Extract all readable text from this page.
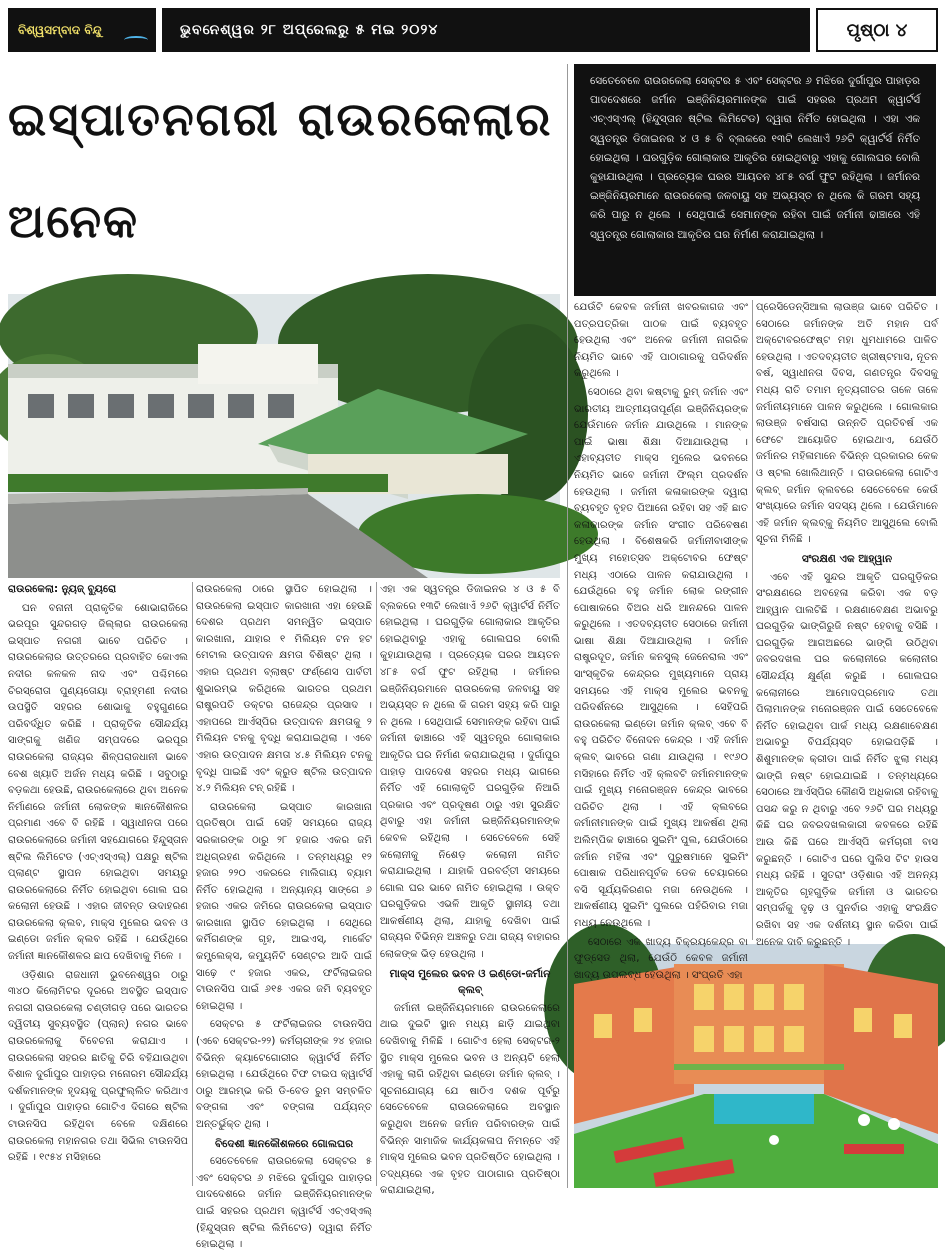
ବିଶ୍ୱସମ୍ବାଦ ବିନ୍ଦୁ	ଭୁବନେଶ୍ୱର ୨୮ ଅପ୍ରେଲରୁ ୫ ମଇ ୨୦୨୪	ପୃଷ୍ଠା ୪
ଇସ୍ପାତନଗରୀ ରାଉରକେଲାର ଅନେକ
ସେତେବେଳେ ରାଉରକେଲା ସେକ୍ଟର ୫ ଏବଂ ସେକ୍ଟର ୬ ମଝିରେ ଦୁର୍ଗାପୁର ପାହାଡ଼ର ପାଦଦେଶରେ ଜର୍ମାନ ଇଞ୍ଜିନିୟରମାନଙ୍କ ପାଇଁ ସହରର ପ୍ରଥମ କ୍ୱାର୍ଟର୍ସ ଏଚ୍ଏସ୍ଏଲ୍ (ହିନ୍ଦୁସ୍ତାନ ଷ୍ଟିଲ ଲିମିଟେଡ) ଦ୍ୱାରା ନିର୍ମିତ ହୋଇଥିଲା । ଏହା ଏକ ସ୍ୱତନ୍ତ୍ର ଡିଜାଇନର ୪ ଓ ୫ ବି ବ୍ଲକରେ ୧୩ଟି ଲେଖାଏଁ ୨୬ଟି କ୍ୱାର୍ଟର୍ସ ନିର୍ମିତ ହୋଇଥିଲା । ଘରଗୁଡ଼ିକ ଗୋଲାକାର ଆକୃତିର ହୋଇଥିବାରୁ ଏହାକୁ ଗୋଲଘର ବୋଲି କୁହାଯାଉଥିଲା । ପ୍ରତ୍ୟେକ ଘରର ଆୟତନ ୪୮୫ ବର୍ଗ ଫୁଟ ରହିଥିଲା । ଜର୍ମାନର ଇଞ୍ଜିନିୟରମାନେ ରାଉରକେଲା ଜଳବାୟୁ ସହ ଅଭ୍ୟସ୍ତ ନ ଥିଲେ କି ଗରମ ସହ୍ୟ କରି ପାରୁ ନ ଥିଲେ । ସେଥିପାଇଁ ସେମାନଙ୍କ ରହିବା ପାଇଁ ଜର୍ମାନୀ ଢାଞ୍ଚାରେ ଏହି ସ୍ୱତନ୍ତ୍ର ଗୋଲାକାର ଆକୃତିର ଘର ନିର୍ମାଣ କରାଯାଇଥିଲା ।

ରାଉରକେଲା: ନ୍ୟୁଜ୍ ବ୍ୟୁରୋ

ଘନ ବନାନୀ ପ୍ରାକୃତିକ ଶୋଭାରାଜିରେ ଭରପୂର ସୁନ୍ଦରଗଡ଼ ଜିଲ୍ଲାର ରାଉରକେଲା ଇସ୍ପାତ ନଗରୀ ଭାବେ ପରିଚିତ । ରାଉରକେଲାର ଉତ୍ତରରେ ପ୍ରବାହିତ କୋଏଲ ନଦୀର କଳକଳ ନାଦ ଏବଂ ପଶ୍ଚିମରେ ଚିରସ୍ରୋତା ପୁଣ୍ୟତୋୟା ବ୍ରାହ୍ମଣୀ ନଦୀର ଉପସ୍ଥିତି ସହରର ଶୋଭାକୁ ବହୁଗୁଣରେ ପରିବର୍ଦ୍ଧିତ କରିଛି । ପ୍ରାକୃତିକ ସୌନ୍ଦର୍ଯ୍ୟ ସାଙ୍ଗକୁ ଖଣିଜ ସମ୍ପଦରେ ଭରପୂର ରାଉରକେଲା ରାଜ୍ୟର ଶିଳ୍ପରାଜଧାନୀ ଭାବେ ବେଶ ଖ୍ୟାତି ଅର୍ଜନ ମଧ୍ୟ କରିଛି । ସବୁଠାରୁ ବଡ଼କଥା ହେଉଛି, ରାଉରକେଲାରେ ଥିବା ଅନେକ ନିର୍ମାଣରେ ଜର୍ମାନୀ ଲୋକଙ୍କ ଜ୍ଞାନକୌଶଳର ପ୍ରମାଣ ଏବେ ବି ରହିଛି । ସ୍ୱାଧୀନତା ପରେ ରାଉରକେଲାରେ ଜର୍ମାନୀ ସହଯୋଗରେ ହିନ୍ଦୁସ୍ତାନ ଷ୍ଟିଲ ଲିମିଟେଡ (ଏଚ୍ଏସ୍ଏଲ୍) ପକ୍ଷରୁ ଷ୍ଟିଲ ପ୍ଲାଣ୍ଟ ସ୍ଥାପନ ହୋଇଥିବା ସମୟରୁ ରାଉରକେଲାରେ ନିର୍ମିତ ହୋଇଥିବା ଗୋଲ ଘର କଲୋନୀ ହେଉଛି । ଏହାର ଜୀବନ୍ତ ଉଦାହରଣ ରାଉରକେଲା କ୍ଲବ, ମାକ୍ସ ମୁଲେର ଭବନ ଓ ଇଣ୍ଡୋ ଜର୍ମାନ କ୍ଲବ ରହିଛି । ଯେଉଁଥିରେ ଜର୍ମାନୀ ଜ୍ଞାନକୌଶଳର ଛାପ ଦେଖିବାକୁ ମିଳେ ।

ଓଡ଼ିଶାର ରାଜଧାନୀ ଭୁବନେଶ୍ୱର ଠାରୁ ୩୪୦ କିଲୋମିଟର ଦୂରରେ ଅବସ୍ଥିତ ଇସ୍ପାତ ନଗରୀ ରାଉରକେଲା ଚଣ୍ଡୀଗଡ଼ ପରେ ଭାରତର ଦ୍ୱିତୀୟ ସୁବ୍ୟବସ୍ଥିତ (ପ୍ଲାନ୍) ନଗର ଭାବେ ରାଉରକେଲାକୁ ବିବେଚନା କରାଯାଏ । ରାଉରକେଲା ସହରର ଛାତିକୁ ଚିରି ବହିଯାଉଥିବା ବିଶାଳ ଦୁର୍ଗାପୁର ପାହାଡ଼ର ମନୋରମ ସୌନ୍ଦର୍ଯ୍ୟ ଦର୍ଶକମାନଙ୍କ ହୃଦୟକୁ ପ୍ରଫୁଲ୍ଲିତ କରିଥାଏ । ଦୁର୍ଗାପୁର ପାହାଡ଼ର ଗୋଟିଏ ଦିଗରେ ଷ୍ଟିଲ ଟାଉନସିପ ରହିଥିବା ବେଳେ ଦକ୍ଷିଣରେ ରାଉରକେଲା ମହାନଗର ତଥା ସିଭିଲ ଟାଉନସିପ ରହିଛି । ୧୯୫୪ ମସିହାରେ

ରାଉରକେଲା ଠାରେ ସ୍ଥାପିତ ହୋଇଥିଲା । ରାଉରକେଲା ଇସ୍ପାତ କାରଖାନା ଏହା ହେଉଛି ଦେଶର ପ୍ରଥମ ସମନ୍ୱିତ ଇସ୍ପାତ କାରଖାନା, ଯାହାର ୧ ମିଲିୟନ ଟନ ହଟ ମେଟାଲ ଉତ୍ପାଦନ କ୍ଷମତା ବିଶିଷ୍ଟ ଥିଲା । ଏହାର ପ୍ରଥମ ବ୍ଲାଷ୍ଟ ଫର୍ଣ୍ଣେସ ପାର୍ବତୀ ଶୁଭାରମ୍ଭ କରିଥିଲେ ଭାରତର ପ୍ରଥମ ରାଷ୍ଟ୍ରପତି ଡକ୍ଟର ରାଜେନ୍ଦ୍ର ପ୍ରସାଦ । ଏହାପରେ ଆର୍ଏସ୍ପିର ଉତ୍ପାଦନ କ୍ଷମତାକୁ ୨ ମିଲିୟନ ଟନକୁ ବୃଦ୍ଧି କରାଯାଇଥିଲା । ଏବେ ଏହାର ଉତ୍ପାଦନ କ୍ଷମତା ୪.୫ ମିଲିୟନ ଟନକୁ ବୃଦ୍ଧି ପାଇଛି ଏବଂ କ୍ରୁଡ ଷ୍ଟିଲ ଉତ୍ପାଦନ ୪.୨ ମିଲିୟନ ଟନ୍ ରହିଛି ।

ରାଉରକେଲା ଇସ୍ପାତ କାରଖାନା ପ୍ରତିଷ୍ଠା ପାଇଁ ସେହି ସମୟରେ ରାଜ୍ୟ ସରକାରଙ୍କ ଠାରୁ ୨୮ ହଜାର ଏକର ଜମି ଅଧିଗ୍ରହଣ କରିଥିଲେ । ତନ୍ମଧ୍ୟରୁ ୧୨ ହଜାର ୨୨୦ ଏକରରେ ମାଲିଗାୟ ବ୍ୟାମ ନିର୍ମିତ ହୋଇଥିଲା । ଅନ୍ୟାନ୍ୟ ସାଙ୍ଗେ ୬ ହଜାର ଏକର ଜମିରେ ରାଉରକେଲା ଇସ୍ପାତ କାରଖାନା ସ୍ଥାପିତ ହୋଇଥିଲା । ସେଥିରେ କର୍ମିଗଣଙ୍କ ଗୃହ, ଆଇଏସ୍, ମାର୍କେଟ କମ୍ପ୍ଲେକ୍ସ, କମ୍ୟୁନିଟି ସେଣ୍ଟର ଆଦି ପାଇଁ ସାଢ଼େ ୯ ହଜାର ଏକର, ଫର୍ଟିଲାଇଜର ଟାଉନସିପ ପାଇଁ ୬୧୫ ଏକର ଜମି ବ୍ୟବହୃତ ହୋଇଥିଲା ।

ସେକ୍ଟର ୫ ଫର୍ଟିଲାଇଜର ଟାଉନସିପ (ଏବେ ସେକ୍ଟର-୨୨) କର୍ମଚାରୀଙ୍କ ୨୪ ହଜାର ବିଭିନ୍ନ କ୍ୟାଟେଗୋରୀର କ୍ୱାର୍ଟର୍ସ ନିର୍ମିତ ହୋଇଥିଲା । ଯେଉଁଥିରେ ଟିଫ ଟାଇପ କ୍ୱାର୍ଟର୍ସ ଠାରୁ ଆରମ୍ଭ କରି ଡି-ବେଡ ରୁମ ସମ୍ବଳିତ ବଙ୍ଗଳା ଏବଂ ବଙ୍ଗଳା ପର୍ଯ୍ୟନ୍ତ ଅନ୍ତର୍ଭୁକ୍ତ ଥିଲା ।

ବିଦେଶୀ ଜ୍ଞାନକୌଶଳରେ ଗୋଲଘର

ସେତେବେଳେ ରାଉରକେଲା ସେକ୍ଟର ୫ ଏବଂ ସେକ୍ଟର ୬ ମଝିରେ ଦୁର୍ଗାପୁର ପାହାଡ଼ର ପାଦଦେଶରେ ଜର୍ମାନ ଇଞ୍ଜିନିୟରମାନଙ୍କ ପାଇଁ ସହରର ପ୍ରଥମ କ୍ୱାର୍ଟର୍ସ ଏଚ୍ଏସ୍ଏଲ୍ (ହିନ୍ଦୁସ୍ତାନ ଷ୍ଟିଲ ଲିମିଟେଡ) ଦ୍ୱାରା ନିର୍ମିତ ହୋଇଥିଲା ।

ଏହା ଏକ ସ୍ୱତନ୍ତ୍ର ଡିଜାଇନର ୪ ଓ ୫ ବି ବ୍ଲକରେ ୧୩ଟି ଲେଖାଏଁ ୨୬ଟି କ୍ୱାର୍ଟର୍ସ ନିର୍ମିତ ହୋଇଥିଲା । ଘରଗୁଡ଼ିକ ଗୋଲାକାର ଆକୃତିର ହୋଇଥିବାରୁ ଏହାକୁ ଗୋଲଘର ବୋଲି କୁହାଯାଉଥିଲା । ପ୍ରତ୍ୟେକ ଘରର ଆୟତନ ୪୮୫ ବର୍ଗ ଫୁଟ ରହିଥିଲା । ଜର୍ମାନର ଇଞ୍ଜିନିୟରମାନେ ରାଉରକେଲା ଜଳବାୟୁ ସହ ଅଭ୍ୟସ୍ତ ନ ଥିଲେ କି ଗରମ ସହ୍ୟ କରି ପାରୁ ନ ଥିଲେ । ସେଥିପାଇଁ ସେମାନଙ୍କ ରହିବା ପାଇଁ ଜର୍ମାନୀ ଢାଞ୍ଚାରେ ଏହି ସ୍ୱତନ୍ତ୍ର ଗୋଲାକାର ଆକୃତିର ଘର ନିର୍ମାଣ କରାଯାଇଥିଲା । ଦୁର୍ଗାପୁର ପାହାଡ଼ ପାଦଦେଶ ସହରର ମଧ୍ୟ ଭାଗରେ ନିର୍ମିତ ଏହି ଗୋଲାକୃତି ଘରଗୁଡ଼ିକ ନିଆରି ପ୍ରକାର ଏବଂ ପ୍ରଦୂଷଣ ଠାରୁ ଏହା ସୁରକ୍ଷିତ ଥିବାରୁ ଏହା ଜର୍ମାନୀ ଇଞ୍ଜିନିୟରମାନଙ୍କ କେବଳ ରହିଥିଲା । ସେତେବେଳେ ସେହି କଲୋନୀକୁ ନିଶେଡ଼ କଲୋନୀ ନାମିତ କରାଯାଇଥିଲା । ଯାହାକି ପରବର୍ତ୍ତୀ ସମୟରେ ଗୋଲ ଘର ଭାବେ ନାମିତ ହୋଇଥିଲା । ଉକ୍ତ ଘରଗୁଡ଼ିକର ଏଭଳି ଆକୃତି ସ୍ଥାନୀୟ ତଥା ଆକର୍ଷଣୀୟ ଥିଲା, ଯାହାକୁ ଦେଖିବା ପାଇଁ ରାଜ୍ୟର ବିଭିନ୍ନ ଅଞ୍ଚଳରୁ ତଥା ରାଜ୍ୟ ବାହାରର ଲୋକଙ୍କ ଭିଡ଼ ହେଉଥିଲା ।

ମାକ୍ସ ମୁଲେର ଭବନ ଓ ଇଣ୍ଡୋ-ଜର୍ମାନ କ୍ଲବ୍

ଜର୍ମାନୀ ଇଞ୍ଜିନିୟରମାନେ ରାଉରକେଲାରେ ଥାଇ ଦୁଇଟି ସ୍ଥାନ ମଧ୍ୟ ଛାଡ଼ି ଯାଇଥିବା ଦେଖିବାକୁ ମିଳିଛି । ଗୋଟିଏ ହେଲା ସେକ୍ଟର-୨ ସ୍ଥିତ ମାକ୍ସ ମୁଲେର ଭବନ ଓ ଅନ୍ୟଟି ହେଲା ଏହାକୁ ଲାଗି ରହିଥିବା ଇଣ୍ଡୋ ଜର୍ମାନ କ୍ଲବ୍ । ସୂଚନାଯୋଗ୍ୟ ଯେ ଷାଠିଏ ଦଶକ ପୂର୍ବରୁ ସେତେବେଳେ ରାଉରକେଲାରେ ଅବସ୍ଥାନ କରୁଥିବା ଅନେକ ଜର୍ମାନ ପରିବାରଙ୍କ ପାଇଁ ବିଭିନ୍ନ ସାମାଜିକ କାର୍ଯ୍ୟକଳାପ ନିମନ୍ତେ ଏହି ମାକ୍ସ ମୁଲେର ଭବନ ପ୍ରତିଷ୍ଠିତ ହୋଇଥିଲା । ତଦ୍ଧ୍ୟରେ ଏକ ବୃହତ ପାଠାଗାର ପ୍ରତିଷ୍ଠା କରାଯାଇଥିଲା,

ଯେଉଁଟି କେବଳ ଜର୍ମାନୀ ଖବରକାଗଜ ଏବଂ ପତ୍ରପତ୍ରିକା ପାଠକ ପାଇଁ ବ୍ୟବହୃତ ହେଉଥିଲା ଏବଂ ଅନେକ ଜର୍ମାନୀ ନାଗରିକ ନିୟମିତ ଭାବେ ଏହି ପାଠାଗାରକୁ ପରିଦର୍ଶନ କରୁଥିଲେ ।

ସେଠାରେ ଥିବା କଷ୍ଟାକୁ ରୁମ୍ ଜର୍ମାନ ଏବଂ ଭାରତୀୟ ଆତ୍ମୀୟତାପୂର୍ଣ୍ଣ ଇଞ୍ଜିନିୟରଙ୍କ ଯେଉଁମାନେ ଜର୍ମାନ ଯାଉଥିଲେ । ମାନଙ୍କ ପାଇଁ ଭାଷା ଶିକ୍ଷା ଦିଆଯାଉଥିଲା । ଏହାବ୍ୟତୀତ ମାକ୍ସ ମୁଲେର ଭବନରେ ନିୟମିତ ଭାବେ ଜର୍ମାନୀ ଫିଲ୍ମ ପ୍ରଦର୍ଶନ ହେଉଥିଲା । ଜର୍ମାନୀ କଳାକାରଙ୍କ ଦ୍ୱାରା ବ୍ୟବହୃତ ବୃହତ ପିଆନୋ ରହିବା ସହ ଏହି ଛାତ କଳାକାରଙ୍କ ଜର୍ମାନ ସଂଗୀତ ପରିବେଷଣ ହେଉଥିଲା । ବିଶେଷକରି ଜର୍ମାନୀବାସୀଙ୍କ ମୁଖ୍ୟ ମହୋତ୍ସବ ଅକ୍ଟୋବର ଫେଷ୍ଟ ମଧ୍ୟ ଏଠାରେ ପାଳନ କରାଯାଉଥିଲା । ଯେଉଁଥିରେ ବହୁ ଜର୍ମାନ ଲୋକ ରଙ୍ଗୀନ ପୋଷାକରେ ବିଅର ଧରି ଆନନ୍ଦରେ ପାଳନ କରୁଥିଲେ । ଏତଦବ୍ୟତୀତ ସେଠାରେ ଜର୍ମାନୀ ଭାଷା ଶିକ୍ଷା ଦିଆଯାଉଥିଲା । ଜର୍ମାନ ରାଷ୍ଟ୍ରଦୂତ, ଜର୍ମାନ କନସୁଲ୍ ଜେନେରାଲ ଏବଂ ସାଂସ୍କୃତିକ କେନ୍ଦ୍ରର ମୁଖ୍ୟମାନେ ପ୍ରାୟ ସମୟରେ ଏହି ମାକ୍ସ ମୁଲେର ଭବନକୁ ପରିଦର୍ଶନରେ ଆସୁଥିଲେ । ସେହିପରି ରାଉରକେଲା ଇଣ୍ଡୋ ଜର୍ମାନ କ୍ଲବ୍ ଏବେ ବି ବହୁ ପରିଚିତ ବିନୋଦନ କେନ୍ଦ୍ର । ଏହି ଜର୍ମାନ କ୍ଲବ୍ ଭାବରେ ଗଣା ଯାଉଥିଲା । ୧୯୬୦ ମସିହାରେ ନିର୍ମିତ ଏହି କ୍ଲବଟି ଜର୍ମାନମାନଙ୍କ ପାଇଁ ମୁଖ୍ୟ ମନୋରଞ୍ଜନ କେନ୍ଦ୍ର ଭାବରେ ପରିଚିତ ଥିଲା । ଏହି କ୍ଲବରେ ଜର୍ମାନୀମାନଙ୍କ ପାଇଁ ମୁଖ୍ୟ ଆକର୍ଷଣ ଥିଲା ଅଲିମ୍ପିକ ଢାଞ୍ଚାରେ ସୁଇମିଂ ପୁଲ, ଯେଉଁଠାରେ ଜର୍ମାନ ମହିଳା ଏବଂ ପୁରୁଷମାନେ ସୁଇମିଂ ପୋଷାକ ପରିଧାନପୂର୍ବକ ଡେକ ଚେୟାରରେ ବସି ସୂର୍ଯ୍ୟକିରଣର ମଜା ନେଉଥିଲେ । ଆକର୍ଷଣୀୟ ସୁଇମିଂ ପୁଲରେ ପହଁରିବାର ମଜା ମଧ୍ୟ ନେଉଥିଲେ ।

ସେଠାରେ ଏକ ଖାଦ୍ୟ ବିକ୍ରୟକେନ୍ଦ୍ର ବା ଫୁଡ୍ସେଡ ଥିଲା, ଯେଉଁଠି କେବଳ ଜର୍ମାନୀ ଖାଦ୍ୟ ଉପଲବ୍ଧ ହେଉଥିଲା । ସଂପ୍ରତି ଏହା

ପ୍ରେସିଡେନ୍ସିଆଲ ଲାଉଞ୍ଜ ଭାବେ ପରିଚିତ । ସେଠାରେ ଜର୍ମାନଙ୍କ ଅତି ମହାନ ପର୍ବ ଅକ୍ଟୋବରଫେଷ୍ଟ ମହା ଧୁମଧାମରେ ପାଳିତ ହେଉଥିଲା । ଏତଦବ୍ୟତୀତ ଖ୍ରୀଷ୍ଟମାସ, ନୂତନ ବର୍ଷ, ସ୍ୱାଧୀନତା ଦିବସ, ଗଣତନ୍ତ୍ର ଦିବସକୁ ମଧ୍ୟ ରାତି ତମାମ ନୃତ୍ୟଗୀତର ତାଳେ ତାଳେ ଜର୍ମାନୀୟମାନେ ପାଳନ କରୁଥିଲେ । ଗୋଲକାର ଲାଉଞ୍ଜ ବର୍ଷସାରା ଉନ୍ନତି ପ୍ରତିବର୍ଷ ଏକ ଫେଟେ ଆୟୋଜିତ ହୋଇଥାଏ, ଯେଉଁଠି ଜର୍ମାନର ମହିଳାମାନେ ବିଭିନ୍ନ ପ୍ରକାରର କେକ ଓ ଷ୍ଟଲ ଖୋଲିଥାନ୍ତି । ରାଉରକେଲା ଗୋଟିଏ କ୍ଲବ୍ ଜର୍ମାନ କ୍ଲବରେ ସେତେବେଳେ କେଉଁ ସଂଖ୍ୟାରେ ଜର୍ମାନ ସଦସ୍ୟ ଥିଲେ । ଯେଉଁମାନେ ଏହି ଜର୍ମାନ କ୍ଲବ୍କୁ ନିୟମିତ ଆସୁଥିଲେ ବୋଲି ସୂଚନା ମିଳିଛି ।

ସଂରକ୍ଷଣ ଏକ ଆହ୍ୱାନ

ଏବେ ଏହି ସୁନ୍ଦର ଆକୃତି ଘରଗୁଡ଼ିକର ସଂରକ୍ଷଣରେ ଅବହେଳା କରିବା ଏକ ବଡ଼ ଆହ୍ୱାନ ପାଲଟିଛି । ରକ୍ଷଣାବେକ୍ଷଣ ଅଭାବରୁ ଘରଗୁଡ଼ିକ ଭାଙ୍ଗିରୁଜି ନଷ୍ଟ ହେବାକୁ ବସିଛି । ଘରଗୁଡ଼ିକ ଆଗଅଛରେ ଭାଙ୍ଗି ଉଠିଥିବା ଜବରଦଖଲ ଘର କଲୋନୀରେ କଲୋନୀର ସୌନ୍ଦର୍ଯ୍ୟ କ୍ଷୁର୍ଣ୍ଣ କରୁଛି । ଗୋଲଘର କଲୋନୀରେ ଆମୋଦପ୍ରମୋଦ ତଥା ପିଲାମାନଙ୍କ ମନୋରଞ୍ଜନ ପାଇଁ ସେତେବେଳେ ନିର୍ମିତ ହୋଇଥିବା ପାର୍କ ମଧ୍ୟ ରକ୍ଷଣାବେକ୍ଷଣ ଅଭାବରୁ ବିପର୍ଯ୍ୟସ୍ତ ହୋଇପଡ଼ିଛି । ଶିଶୁମାନଙ୍କ କ୍ରୀଡା ପାଇଁ ନିର୍ମିତ ଝୁଲା ମଧ୍ୟ ଭାଙ୍ଗି ନଷ୍ଟ ହୋଇଯାଇଛି । ତନ୍ମଧ୍ୟରେ ସେଠାରେ ଆର୍ଏସ୍ପିର କୌଣସି ଅଧିକାରୀ ରହିବାକୁ ପସନ୍ଦ କରୁ ନ ଥିବାରୁ ଏବେ ୨୬ଟି ଘର ମଧ୍ୟରୁ କିଛି ଘର ଜବରଦଖଲକାରୀ କବଳରେ ରହିଛି ଆଉ କିଛି ଘରେ ଆର୍ଏସ୍ପି କର୍ମଚାରୀ ବାସ କରୁଛନ୍ତି । ଗୋଟିଏ ଘରେ ପୁଲିସ ଟିଟ ହାଉସ ମଧ୍ୟ ରହିଛି । ସୁତରାଂ ଓଡ଼ିଶାର ଏହି ଅନନ୍ୟ ଆକୃତିର ଗୃହଗୁଡ଼ିକ ଜର୍ମାନୀ ଓ ଭାରତର ସମ୍ପର୍କକୁ ଦୃଢ଼ ଓ ପୁନର୍ବାର ଏହାକୁ ସଂରକ୍ଷିତ ରଖିବା ସହ ଏକ ଦର୍ଶନୀୟ ସ୍ଥାନ କରିବା ପାଇଁ ଅନେକ ଦାବି କରୁଛନ୍ତି ।
